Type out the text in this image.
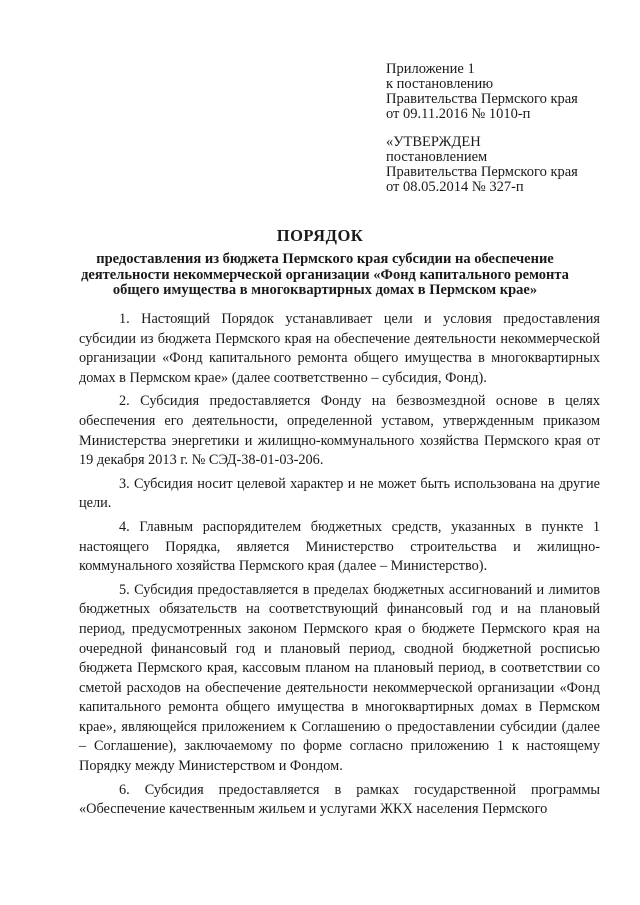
Приложение 1
к постановлению
Правительства Пермского края
от 09.11.2016 № 1010-п
«УТВЕРЖДЕН
постановлением
Правительства Пермского края
от 08.05.2014 № 327-п
ПОРЯДОК
предоставления из бюджета Пермского края субсидии на обеспечение
деятельности некоммерческой организации «Фонд капитального ремонта
общего имущества в многоквартирных домах в Пермском крае»

1. Настоящий Порядок устанавливает цели и условия предоставления субсидии из бюджета Пермского края на обеспечение деятельности некоммерческой организации «Фонд капитального ремонта общего имущества в многоквартирных домах в Пермском крае» (далее соответственно – субсидия, Фонд).

2. Субсидия предоставляется Фонду на безвозмездной основе в целях обеспечения его деятельности, определенной уставом, утвержденным приказом Министерства энергетики и жилищно-коммунального хозяйства Пермского края от 19 декабря 2013 г. № СЭД-38-01-03-206.

3. Субсидия носит целевой характер и не может быть использована на другие цели.

4. Главным распорядителем бюджетных средств, указанных в пункте 1 настоящего Порядка, является Министерство строительства и жилищно-коммунального хозяйства Пермского края (далее – Министерство).

5. Субсидия предоставляется в пределах бюджетных ассигнований и лимитов бюджетных обязательств на соответствующий финансовый год и на плановый период, предусмотренных законом Пермского края о бюджете Пермского края на очередной финансовый год и плановый период, сводной бюджетной росписью бюджета Пермского края, кассовым планом на плановый период, в соответствии со сметой расходов на обеспечение деятельности некоммерческой организации «Фонд капитального ремонта общего имущества в многоквартирных домах в Пермском крае», являющейся приложением к Соглашению о предоставлении субсидии (далее – Соглашение), заключаемому по форме согласно приложению 1 к настоящему Порядку между Министерством и Фондом.

6. Субсидия предоставляется в рамках государственной программы «Обеспечение качественным жильем и услугами ЖКХ населения Пермского
